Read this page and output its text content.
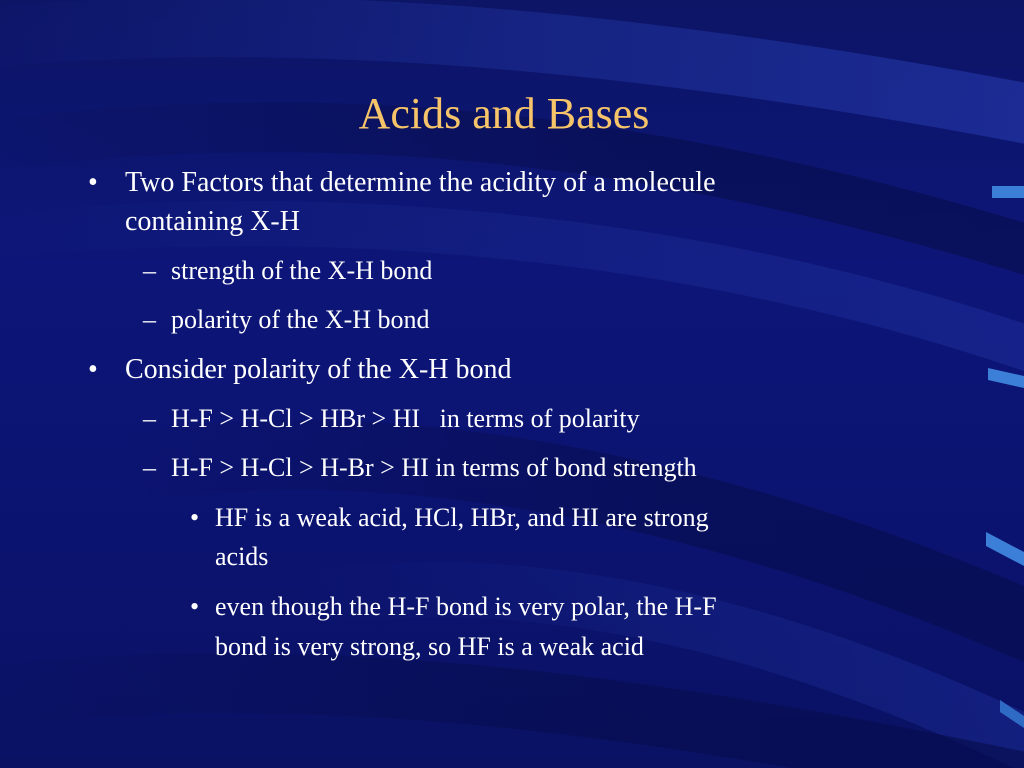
Acids and Bases
• Two Factors that determine the acidity of a molecule
containing X-H
– strength of the X-H bond
– polarity of the X-H bond
• Consider polarity of the X-H bond
– H-F > H-Cl > HBr > HI   in terms of polarity
– H-F > H-Cl > H-Br > HI in terms of bond strength
• HF is a weak acid, HCl, HBr, and HI are strong
acids
• even though the H-F bond is very polar, the H-F
bond is very strong, so HF is a weak acid
